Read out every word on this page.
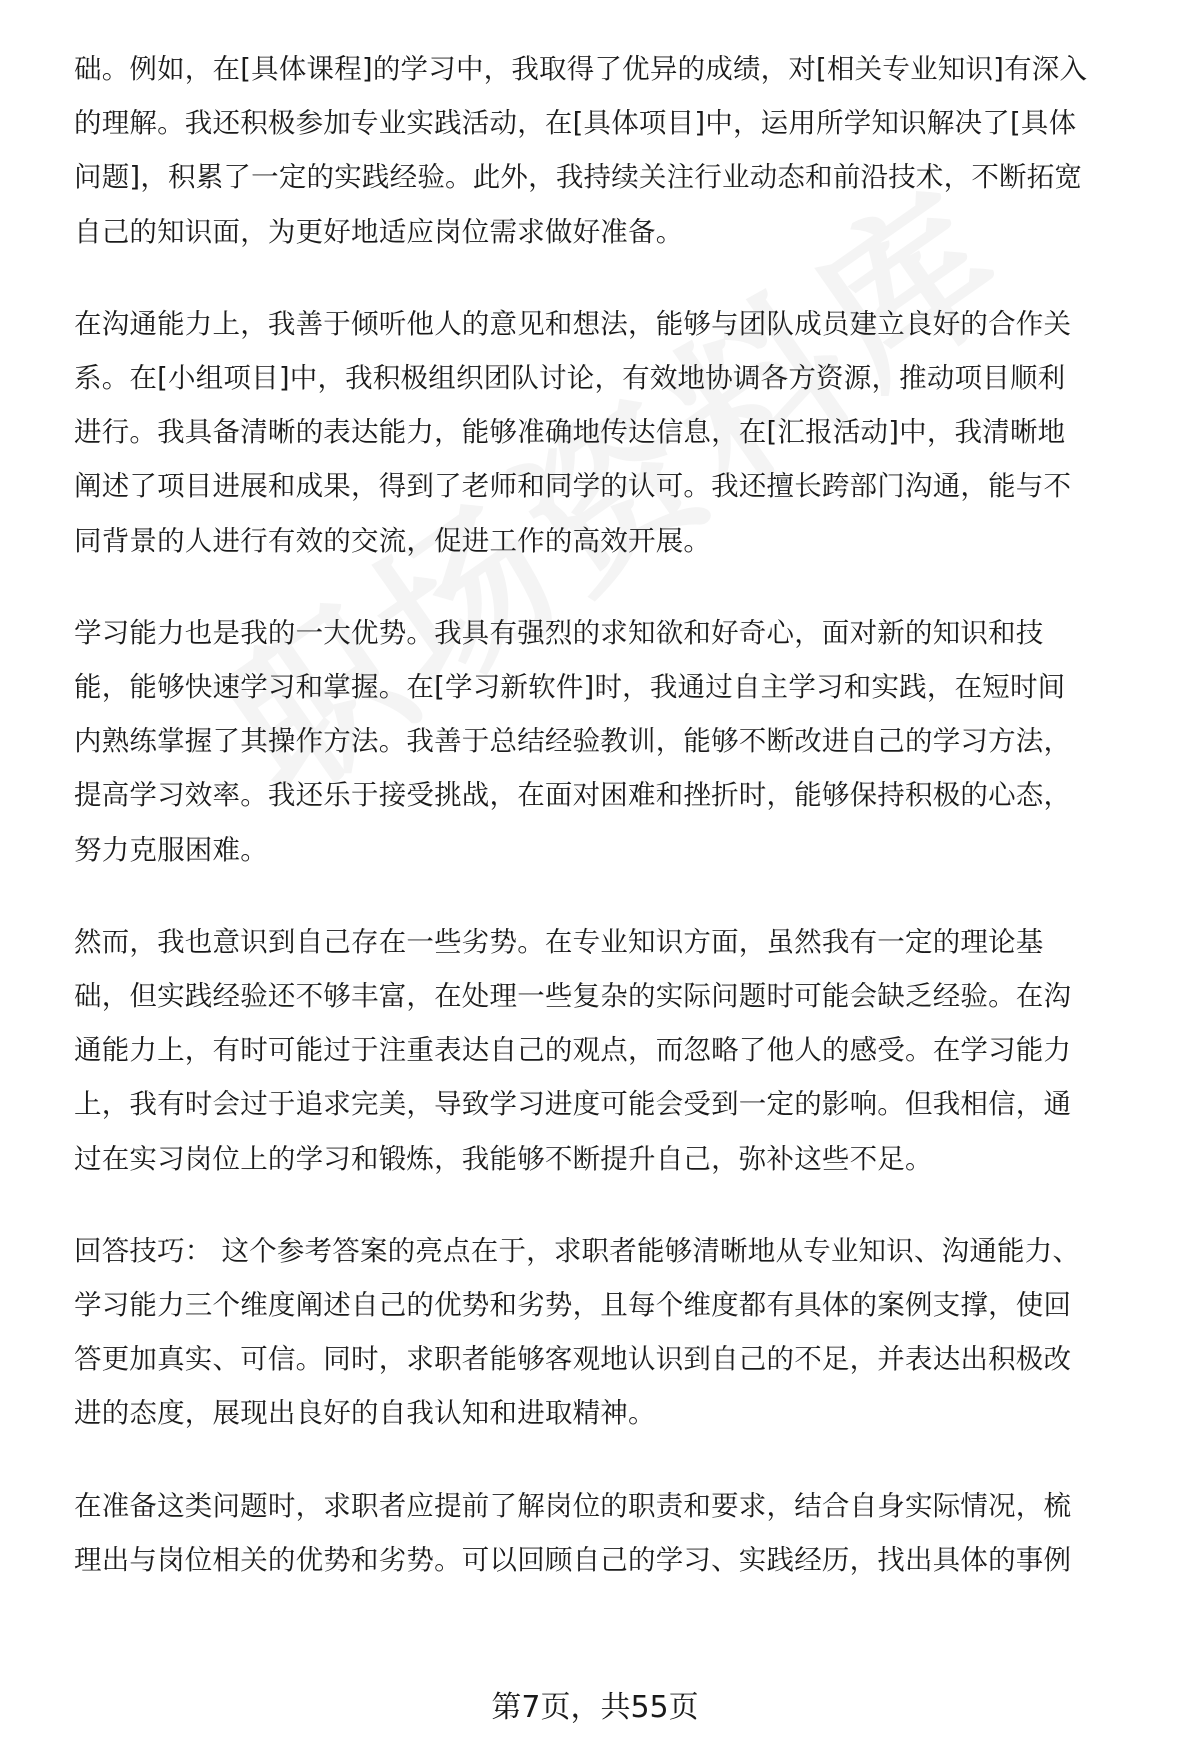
础。例如，在[具体课程]的学习中，我取得了优异的成绩，对[相关专业知识]有深入
的理解。我还积极参加专业实践活动，在[具体项目]中，运用所学知识解决了[具体
问题]，积累了一定的实践经验。此外，我持续关注行业动态和前沿技术，不断拓宽
自己的知识面，为更好地适应岗位需求做好准备。
在沟通能力上，我善于倾听他人的意见和想法，能够与团队成员建立良好的合作关
系。在[小组项目]中，我积极组织团队讨论，有效地协调各方资源，推动项目顺利
进行。我具备清晰的表达能力，能够准确地传达信息，在[汇报活动]中，我清晰地
阐述了项目进展和成果，得到了老师和同学的认可。我还擅长跨部门沟通，能与不
同背景的人进行有效的交流，促进工作的高效开展。
学习能力也是我的一大优势。我具有强烈的求知欲和好奇心，面对新的知识和技
能，能够快速学习和掌握。在[学习新软件]时，我通过自主学习和实践，在短时间
内熟练掌握了其操作方法。我善于总结经验教训，能够不断改进自己的学习方法，
提高学习效率。我还乐于接受挑战，在面对困难和挫折时，能够保持积极的心态，
努力克服困难。
然而，我也意识到自己存在一些劣势。在专业知识方面，虽然我有一定的理论基
础，但实践经验还不够丰富，在处理一些复杂的实际问题时可能会缺乏经验。在沟
通能力上，有时可能过于注重表达自己的观点，而忽略了他人的感受。在学习能力
上，我有时会过于追求完美，导致学习进度可能会受到一定的影响。但我相信，通
过在实习岗位上的学习和锻炼，我能够不断提升自己，弥补这些不足。
回答技巧： 这个参考答案的亮点在于，求职者能够清晰地从专业知识、沟通能力、
学习能力三个维度阐述自己的优势和劣势，且每个维度都有具体的案例支撑，使回
答更加真实、可信。同时，求职者能够客观地认识到自己的不足，并表达出积极改
进的态度，展现出良好的自我认知和进取精神。
在准备这类问题时，求职者应提前了解岗位的职责和要求，结合自身实际情况，梳
理出与岗位相关的优势和劣势。可以回顾自己的学习、实践经历，找出具体的事例
第7页，共55页
